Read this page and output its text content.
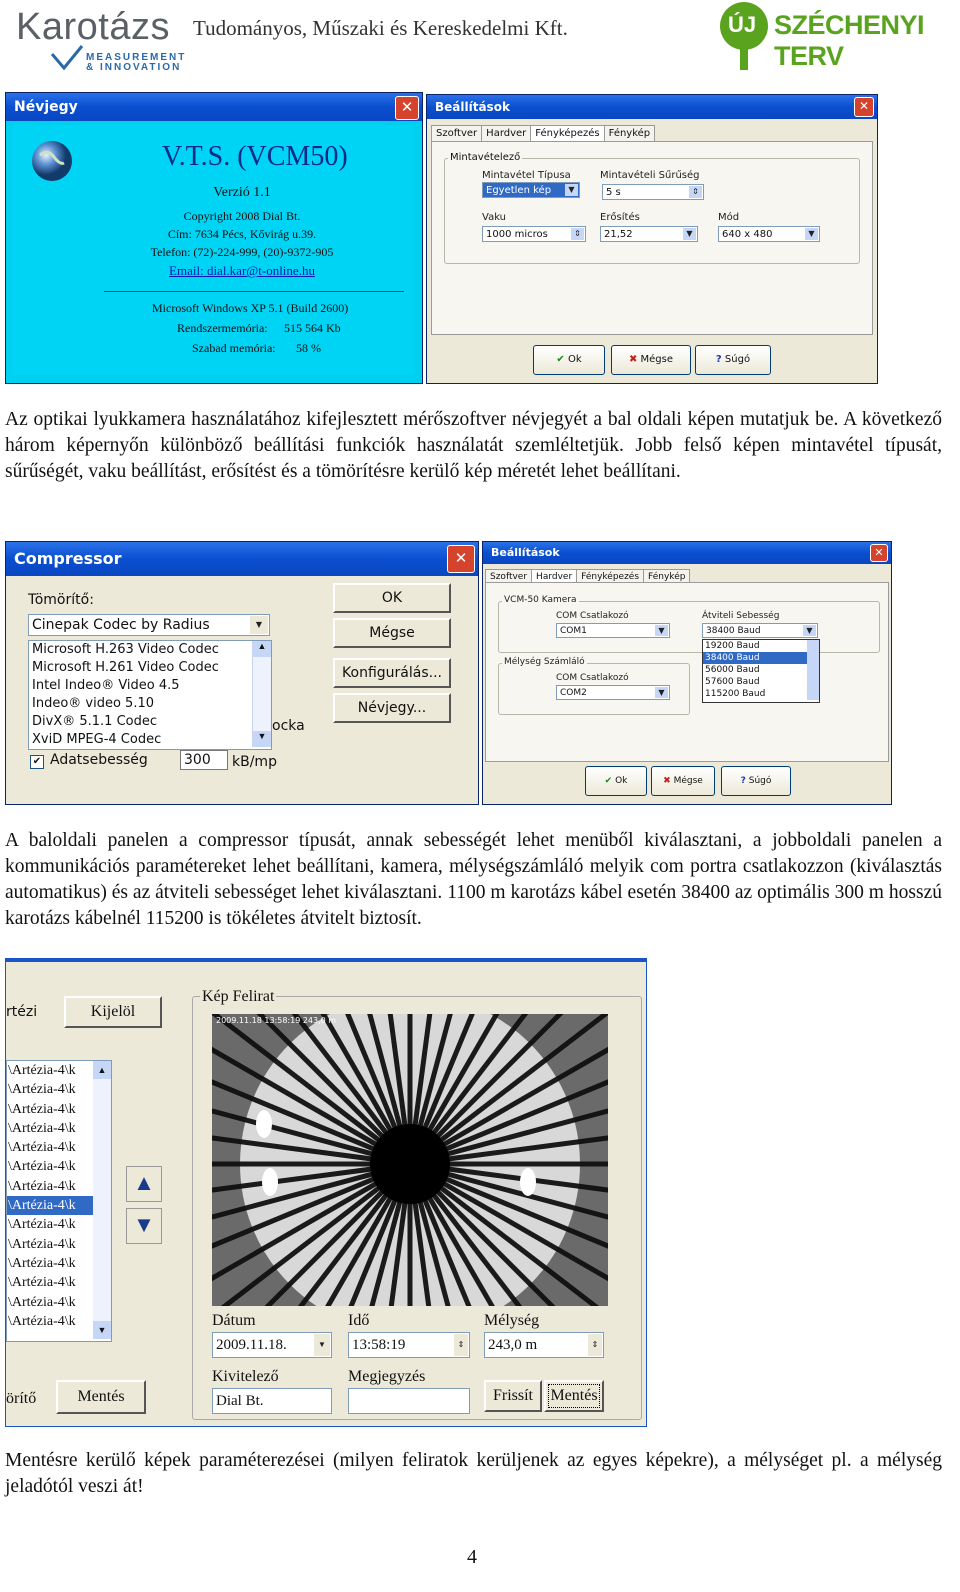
Karotázs
MEASUREMENT
& INNOVATION
Tudományos, Műszaki és Kereskedelmi Kft.	ÚJ SZÉCHENYI TERV
Névjegy	✕
V.T.S. (VCM50)
Verzió 1.1
Copyright 2008 Dial Bt.
Cím: 7634 Pécs, Kővirág u.39.
Telefon: (72)-224-999, (20)-9372-905
Email: dial.kar@t-online.hu
Microsoft Windows XP 5.1 (Build 2600)
Rendszermemória: 515 564 Kb
Szabad memória: 58 %
Beállítások	✕
Szoftver Hardver Fényképezés Fénykép
Mintavételező
Mintavétel Típusa
Egyetlen kép	▼
Mintavételi Sűrűség
5 s	⇕
Vaku
1000 micros	⇕
Erősítés
21,52	▼
Mód
640 x 480	▼
✔ Ok	✖ Mégse	? Súgó
Az optikai lyukkamera használatához kifejlesztett mérőszoftver névjegyét a bal oldali képen mutatjuk be. A következő három képernyőn különböző beállítási funkciók használatát szemléltetjük. Jobb felső képen mintavétel típusát, sűrűségét, vaku beállítást, erősítést és a tömörítésre kerülő kép méretét lehet beállítani.
Compressor	✕
Tömörítő:
Cinepak Codec by Radius	▼
Microsoft H.263 Video Codec
Microsoft H.261 Video Codec
Intel Indeo® Video 4.5
Indeo® video 5.10
DivX® 5.1.1 Codec
XviD MPEG-4 Codec
▲
▼
✔ Adatsebesség	300	kB/mp
ocka
OK
Mégse
Konfigurálás...
Névjegy...
Beállítások	✕
Szoftver Hardver Fényképezés Fénykép
VCM-50 Kamera
COM Csatlakozó
COM1	▼
Átviteli Sebesség
38400 Baud	▼
19200 Baud
38400 Baud
56000 Baud
57600 Baud
115200 Baud
Mélység Számláló
COM Csatlakozó
COM2	▼
✔ Ok	✖ Mégse	? Súgó
A baloldali panelen a compressor típusát, annak sebességét lehet menüből kiválasztani, a jobboldali panelen a kommunikációs paramétereket lehet beállítani, kamera, mélységszámláló melyik com portra csatlakozzon (kiválasztás automatikus) és az átviteli sebességet lehet kiválasztani. 1100 m karotázs kábel esetén 38400 az optimális 300 m hosszú karotázs kábelnél 115200 is tökéletes átvitelt biztosít.
rtézi	Kijelöl
\Artézia-4\k
\Artézia-4\k
\Artézia-4\k
\Artézia-4\k
\Artézia-4\k
\Artézia-4\k
\Artézia-4\k
\Artézia-4\k
\Artézia-4\k
\Artézia-4\k
\Artézia-4\k
\Artézia-4\k
\Artézia-4\k
\Artézia-4\k
▲
▼
▲
▼
Kép Felirat
2009.11.18 13:58:19 243,0 m
Dátum
2009.11.18.	▼
Idő
13:58:19	⇕
Mélység
243,0 m	⇕
Kivitelező
Dial Bt.
Megjegyzés
Frissít	Mentés
örítő	Mentés
Mentésre kerülő képek paraméterezései (milyen feliratok kerüljenek az egyes képekre), a mélységet pl. a mélység jeladótól veszi át!
4
